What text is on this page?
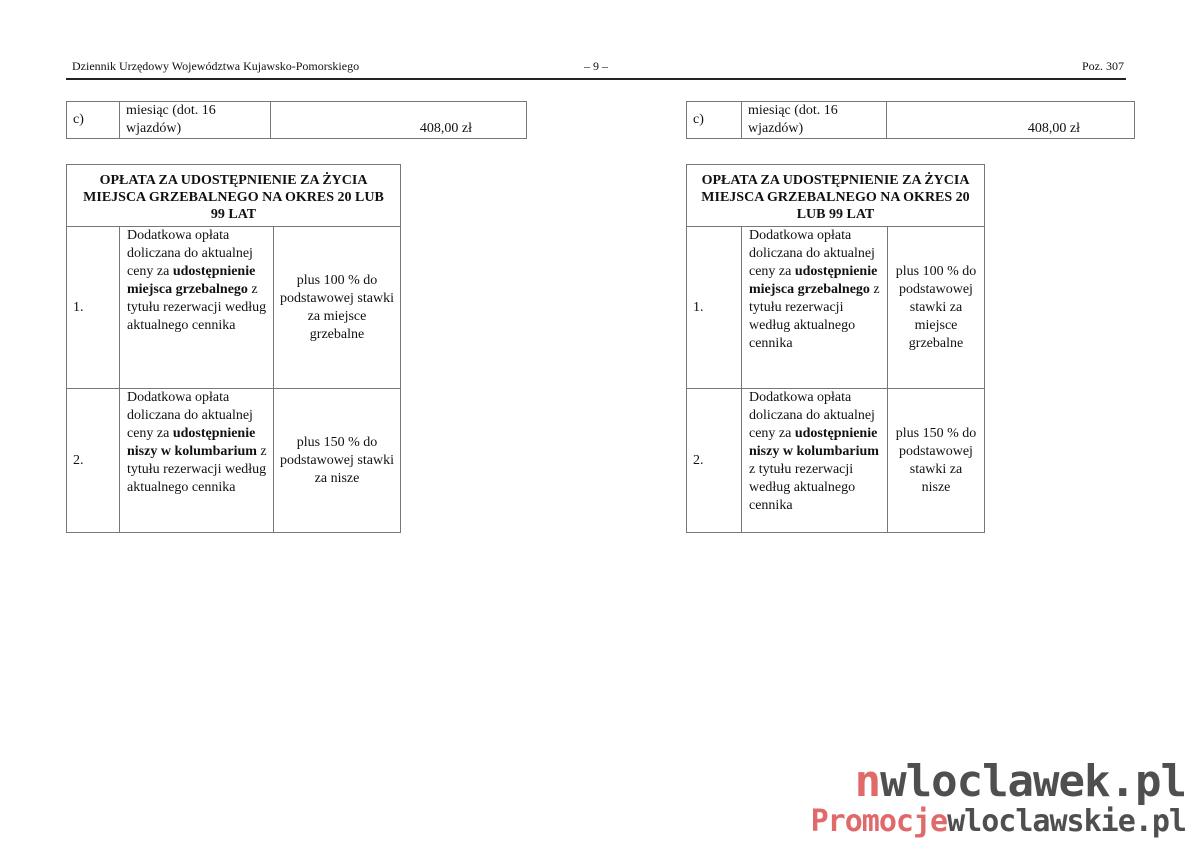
Dziennik Urzędowy Województwa Kujawsko-Pomorskiego	– 9 –	Poz. 307
c)	miesiąc (dot. 16 wjazdów)	408,00 zł
OPŁATA ZA UDOSTĘPNIENIE ZA ŻYCIA MIEJSCA GRZEBALNEGO NA OKRES 20 LUB 99 LAT		
1.	Dodatkowa opłata doliczana do aktualnej ceny za udostępnienie miejsca grzebalnego z tytułu rezerwacji według aktualnego cennika	plus 100 % do podstawowej stawki za miejsce grzebalne
2.	Dodatkowa opłata doliczana do aktualnej ceny za udostępnienie niszy w kolumbarium z tytułu rezerwacji według aktualnego cennika	plus 150 % do podstawowej stawki za nisze
c)	miesiąc (dot. 16 wjazdów)	408,00 zł
OPŁATA ZA UDOSTĘPNIENIE ZA ŻYCIA MIEJSCA GRZEBALNEGO NA OKRES 20 LUB 99 LAT		
1.	Dodatkowa opłata doliczana do aktualnej ceny za udostępnienie miejsca grzebalnego z tytułu rezerwacji według aktualnego cennika	plus 100 % do podstawowej stawki za miejsce grzebalne
2.	Dodatkowa opłata doliczana do aktualnej ceny za udostępnienie niszy w kolumbarium z tytułu rezerwacji według aktualnego cennika	plus 150 % do podstawowej stawki za nisze
nwloclawek.pl
Promocjewloclawskie.pl
